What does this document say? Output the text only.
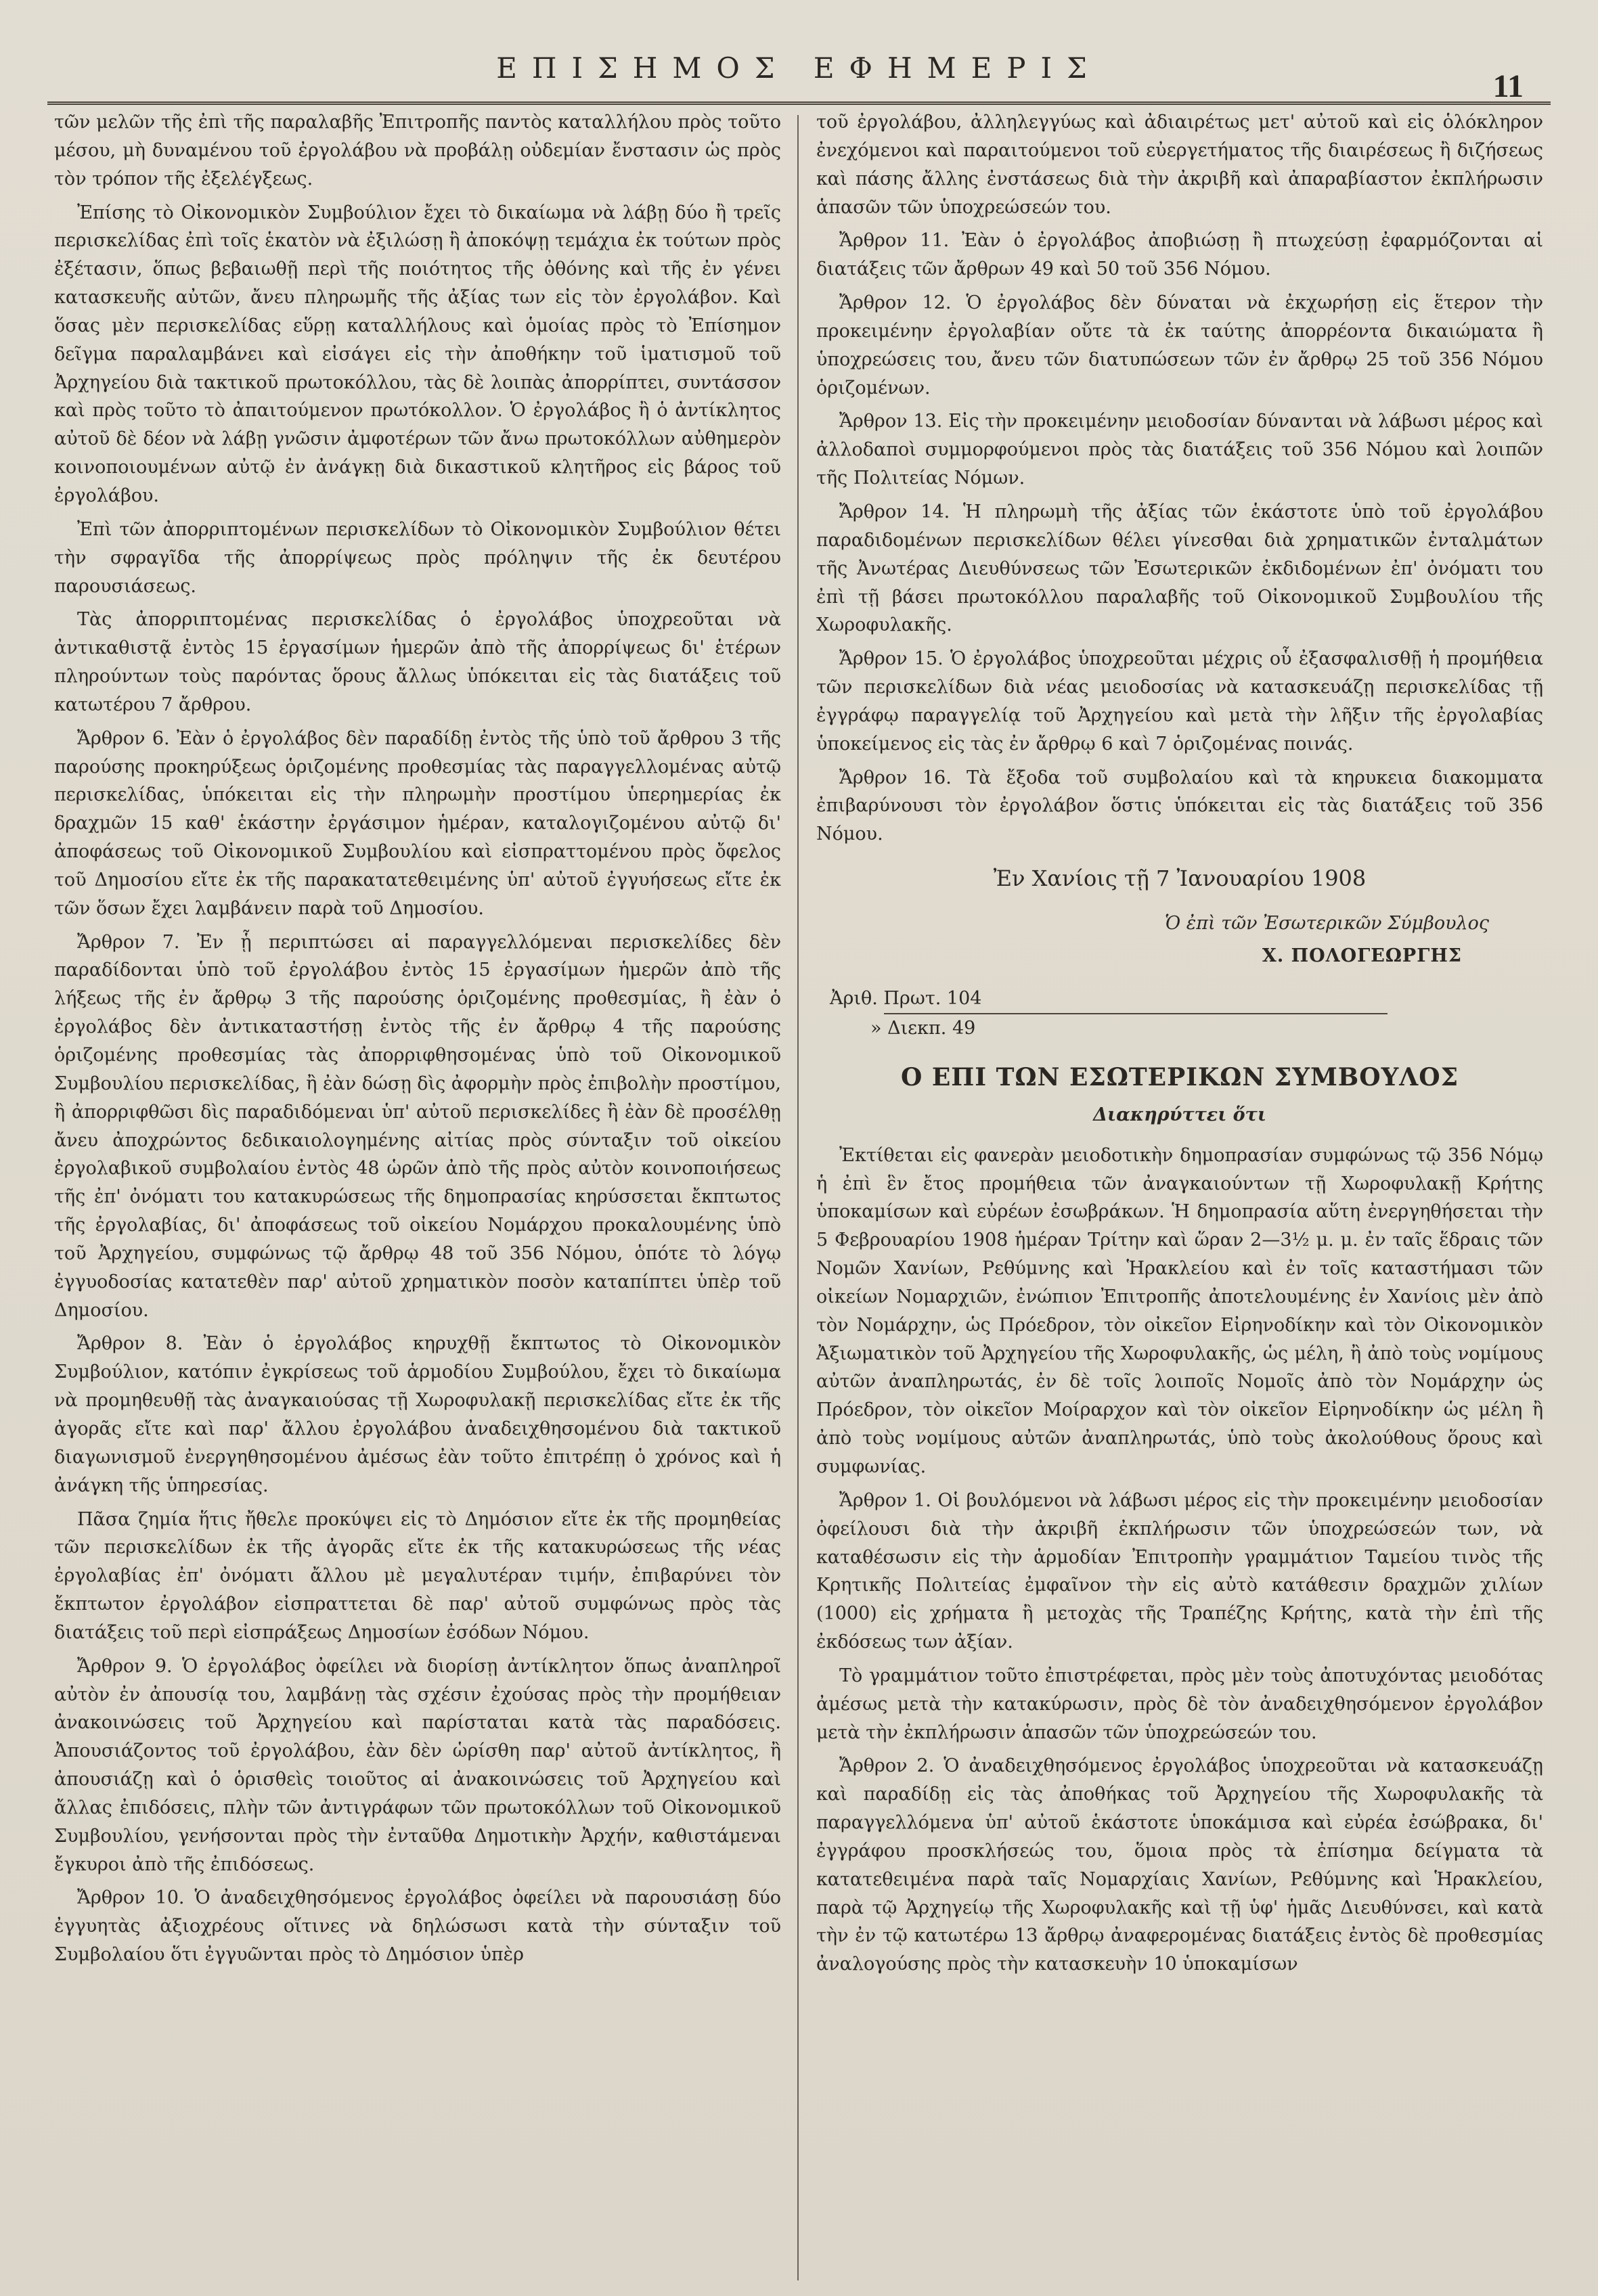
ΕΠΙΣΗΜΟΣ ΕΦΗΜΕΡΙΣ
11

τῶν μελῶν τῆς ἐπὶ τῆς παραλαβῆς Ἐπιτροπῆς παντὸς καταλλήλου πρὸς τοῦτο μέσου, μὴ δυναμένου τοῦ ἐργολάβου νὰ προβάλῃ οὐδεμίαν ἔνστασιν ὡς πρὸς τὸν τρόπον τῆς ἐξελέγξεως.

Ἐπίσης τὸ Οἰκονομικὸν Συμβούλιον ἔχει τὸ δικαίωμα νὰ λάβῃ δύο ἢ τρεῖς περισκελίδας ἐπὶ τοῖς ἑκατὸν νὰ ἐξιλώσῃ ἢ ἀποκόψῃ τεμάχια ἐκ τούτων πρὸς ἐξέτασιν, ὅπως βεβαιωθῇ περὶ τῆς ποιότητος τῆς ὀθόνης καὶ τῆς ἐν γένει κατασκευῆς αὐτῶν, ἄνευ πληρωμῆς τῆς ἀξίας των εἰς τὸν ἐργολάβον. Καὶ ὅσας μὲν περισκελίδας εὕρῃ καταλλήλους καὶ ὁμοίας πρὸς τὸ Ἐπίσημον δεῖγμα παραλαμβάνει καὶ εἰσάγει εἰς τὴν ἀποθήκην τοῦ ἱματισμοῦ τοῦ Ἀρχηγείου διὰ τακτικοῦ πρωτοκόλλου, τὰς δὲ λοιπὰς ἀπορρίπτει, συντάσσον καὶ πρὸς τοῦτο τὸ ἀπαιτούμενον πρωτόκολλον. Ὁ ἐργολάβος ἢ ὁ ἀντίκλητος αὐτοῦ δὲ δέον νὰ λάβῃ γνῶσιν ἀμφοτέρων τῶν ἄνω πρωτοκόλλων αὐθημερὸν κοινοποιουμένων αὐτῷ ἐν ἀνάγκῃ διὰ δικαστικοῦ κλητῆρος εἰς βάρος τοῦ ἐργολάβου.

Ἐπὶ τῶν ἀπορριπτομένων περισκελίδων τὸ Οἰκονομικὸν Συμβούλιον θέτει τὴν σφραγῖδα τῆς ἀπορρίψεως πρὸς πρόληψιν τῆς ἐκ δευτέρου παρουσιάσεως.

Τὰς ἀπορριπτομένας περισκελίδας ὁ ἐργολάβος ὑποχρεοῦται νὰ ἀντικαθιστᾷ ἐντὸς 15 ἐργασίμων ἡμερῶν ἀπὸ τῆς ἀπορρίψεως δι' ἑτέρων πληρούντων τοὺς παρόντας ὅρους ἄλλως ὑπόκειται εἰς τὰς διατάξεις τοῦ κατωτέρου 7 ἄρθρου.

Ἄρθρον 6. Ἐὰν ὁ ἐργολάβος δὲν παραδίδῃ ἐντὸς τῆς ὑπὸ τοῦ ἄρθρου 3 τῆς παρούσης προκηρύξεως ὁριζομένης προθεσμίας τὰς παραγγελλομένας αὐτῷ περισκελίδας, ὑπόκειται εἰς τὴν πληρωμὴν προστίμου ὑπερημερίας ἐκ δραχμῶν 15 καθ' ἑκάστην ἐργάσιμον ἡμέραν, καταλογιζομένου αὐτῷ δι' ἀποφάσεως τοῦ Οἰκονομικοῦ Συμβουλίου καὶ εἰσπραττομένου πρὸς ὄφελος τοῦ Δημοσίου εἴτε ἐκ τῆς παρακατατεθειμένης ὑπ' αὐτοῦ ἐγγυήσεως εἴτε ἐκ τῶν ὅσων ἔχει λαμβάνειν παρὰ τοῦ Δημοσίου.

Ἄρθρον 7. Ἐν ᾗ περιπτώσει αἱ παραγγελλόμεναι περισκελίδες δὲν παραδίδονται ὑπὸ τοῦ ἐργολάβου ἐντὸς 15 ἐργασίμων ἡμερῶν ἀπὸ τῆς λήξεως τῆς ἐν ἄρθρῳ 3 τῆς παρούσης ὁριζομένης προθεσμίας, ἢ ἐὰν ὁ ἐργολάβος δὲν ἀντικαταστήσῃ ἐντὸς τῆς ἐν ἄρθρῳ 4 τῆς παρούσης ὁριζομένης προθεσμίας τὰς ἀπορριφθησομένας ὑπὸ τοῦ Οἰκονομικοῦ Συμβουλίου περισκελίδας, ἢ ἐὰν δώσῃ δὶς ἀφορμὴν πρὸς ἐπιβολὴν προστίμου, ἢ ἀπορριφθῶσι δὶς παραδιδόμεναι ὑπ' αὐτοῦ περισκελίδες ἢ ἐὰν δὲ προσέλθῃ ἄνευ ἀποχρώντος δεδικαιολογημένης αἰτίας πρὸς σύνταξιν τοῦ οἰκείου ἐργολαβικοῦ συμβολαίου ἐντὸς 48 ὡρῶν ἀπὸ τῆς πρὸς αὐτὸν κοινοποιήσεως τῆς ἐπ' ὀνόματι του κατακυρώσεως τῆς δημοπρασίας κηρύσσεται ἔκπτωτος τῆς ἐργολαβίας, δι' ἀποφάσεως τοῦ οἰκείου Νομάρχου προκαλουμένης ὑπὸ τοῦ Ἀρχηγείου, συμφώνως τῷ ἄρθρῳ 48 τοῦ 356 Νόμου, ὁπότε τὸ λόγῳ ἐγγυοδοσίας κατατεθὲν παρ' αὐτοῦ χρηματικὸν ποσὸν καταπίπτει ὑπὲρ τοῦ Δημοσίου.

Ἄρθρον 8. Ἐὰν ὁ ἐργολάβος κηρυχθῇ ἔκπτωτος τὸ Οἰκονομικὸν Συμβούλιον, κατόπιν ἐγκρίσεως τοῦ ἁρμοδίου Συμβούλου, ἔχει τὸ δικαίωμα νὰ προμηθευθῇ τὰς ἀναγκαιούσας τῇ Χωροφυλακῇ περισκελίδας εἴτε ἐκ τῆς ἀγορᾶς εἴτε καὶ παρ' ἄλλου ἐργολάβου ἀναδειχθησομένου διὰ τακτικοῦ διαγωνισμοῦ ἐνεργηθησομένου ἀμέσως ἐὰν τοῦτο ἐπιτρέπῃ ὁ χρόνος καὶ ἡ ἀνάγκη τῆς ὑπηρεσίας.

Πᾶσα ζημία ἥτις ἤθελε προκύψει εἰς τὸ Δημόσιον εἴτε ἐκ τῆς προμηθείας τῶν περισκελίδων ἐκ τῆς ἀγορᾶς εἴτε ἐκ τῆς κατακυρώσεως τῆς νέας ἐργολαβίας ἐπ' ὀνόματι ἄλλου μὲ μεγαλυτέραν τιμήν, ἐπιβαρύνει τὸν ἔκπτωτον ἐργολάβον εἰσπραττεται δὲ παρ' αὐτοῦ συμφώνως πρὸς τὰς διατάξεις τοῦ περὶ εἰσπράξεως Δημοσίων ἐσόδων Νόμου.

Ἄρθρον 9. Ὁ ἐργολάβος ὀφείλει νὰ διορίσῃ ἀντίκλητον ὅπως ἀναπληροῖ αὐτὸν ἐν ἀπουσίᾳ του, λαμβάνῃ τὰς σχέσιν ἐχούσας πρὸς τὴν προμήθειαν ἀνακοινώσεις τοῦ Ἀρχηγείου καὶ παρίσταται κατὰ τὰς παραδόσεις. Ἀπουσιάζοντος τοῦ ἐργολάβου, ἐὰν δὲν ὡρίσθη παρ' αὐτοῦ ἀντίκλητος, ἢ ἀπουσιάζῃ καὶ ὁ ὁρισθεὶς τοιοῦτος αἱ ἀνακοινώσεις τοῦ Ἀρχηγείου καὶ ἄλλας ἐπιδόσεις, πλὴν τῶν ἀντιγράφων τῶν πρωτοκόλλων τοῦ Οἰκονομικοῦ Συμβουλίου, γενήσονται πρὸς τὴν ἐνταῦθα Δημοτικὴν Ἀρχήν, καθιστάμεναι ἔγκυροι ἀπὸ τῆς ἐπιδόσεως.

Ἄρθρον 10. Ὁ ἀναδειχθησόμενος ἐργολάβος ὀφείλει νὰ παρουσιάσῃ δύο ἐγγυητὰς ἀξιοχρέους οἵτινες νὰ δηλώσωσι κατὰ τὴν σύνταξιν τοῦ Συμβολαίου ὅτι ἐγγυῶνται πρὸς τὸ Δημόσιον ὑπὲρ

τοῦ ἐργολάβου, ἀλληλεγγύως καὶ ἀδιαιρέτως μετ' αὐτοῦ καὶ εἰς ὁλόκληρον ἐνεχόμενοι καὶ παραιτούμενοι τοῦ εὐεργετήματος τῆς διαιρέσεως ἢ διζήσεως καὶ πάσης ἄλλης ἐνστάσεως διὰ τὴν ἀκριβῆ καὶ ἀπαραβίαστον ἐκπλήρωσιν ἁπασῶν τῶν ὑποχρεώσεών του.

Ἄρθρον 11. Ἐὰν ὁ ἐργολάβος ἀποβιώσῃ ἢ πτωχεύσῃ ἐφαρμόζονται αἱ διατάξεις τῶν ἄρθρων 49 καὶ 50 τοῦ 356 Νόμου.

Ἄρθρον 12. Ὁ ἐργολάβος δὲν δύναται νὰ ἐκχωρήσῃ εἰς ἕτερον τὴν προκειμένην ἐργολαβίαν οὔτε τὰ ἐκ ταύτης ἀπορρέοντα δικαιώματα ἢ ὑποχρεώσεις του, ἄνευ τῶν διατυπώσεων τῶν ἐν ἄρθρῳ 25 τοῦ 356 Νόμου ὁριζομένων.

Ἄρθρον 13. Εἰς τὴν προκειμένην μειοδοσίαν δύνανται νὰ λάβωσι μέρος καὶ ἀλλοδαποὶ συμμορφούμενοι πρὸς τὰς διατάξεις τοῦ 356 Νόμου καὶ λοιπῶν τῆς Πολιτείας Νόμων.

Ἄρθρον 14. Ἡ πληρωμὴ τῆς ἀξίας τῶν ἑκάστοτε ὑπὸ τοῦ ἐργολάβου παραδιδομένων περισκελίδων θέλει γίνεσθαι διὰ χρηματικῶν ἐνταλμάτων τῆς Ἀνωτέρας Διευθύνσεως τῶν Ἐσωτερικῶν ἐκδιδομένων ἐπ' ὀνόματι του ἐπὶ τῇ βάσει πρωτοκόλλου παραλαβῆς τοῦ Οἰκονομικοῦ Συμβουλίου τῆς Χωροφυλακῆς.

Ἄρθρον 15. Ὁ ἐργολάβος ὑποχρεοῦται μέχρις οὗ ἐξασφαλισθῇ ἡ προμήθεια τῶν περισκελίδων διὰ νέας μειοδοσίας νὰ κατασκευάζῃ περισκελίδας τῇ ἐγγράφῳ παραγγελίᾳ τοῦ Ἀρχηγείου καὶ μετὰ τὴν λῆξιν τῆς ἐργολαβίας ὑποκείμενος εἰς τὰς ἐν ἄρθρῳ 6 καὶ 7 ὁριζομένας ποινάς.

Ἄρθρον 16. Τὰ ἔξοδα τοῦ συμβολαίου καὶ τὰ κηρυκεια διακομματα ἐπιβαρύνουσι τὸν ἐργολάβον ὅστις ὑπόκειται εἰς τὰς διατάξεις τοῦ 356 Νόμου.

Ἐν Χανίοις τῇ 7 Ἰανουαρίου 1908

Ὁ ἐπὶ τῶν Ἐσωτερικῶν Σύμβουλος

Χ. ΠΟΛΟΓΕΩΡΓΗΣ

Ἀριθ. Πρωτ. 104

» Διεκπ. 49

Ο ΕΠΙ ΤΩΝ ΕΣΩΤΕΡΙΚΩΝ ΣΥΜΒΟΥΛΟΣ

Διακηρύττει ὅτι

Ἐκτίθεται εἰς φανερὰν μειοδοτικὴν δημοπρασίαν συμφώνως τῷ 356 Νόμῳ ἡ ἐπὶ ἓν ἔτος προμήθεια τῶν ἀναγκαιούντων τῇ Χωροφυλακῇ Κρήτης ὑποκαμίσων καὶ εὐρέων ἐσωβράκων. Ἡ δημοπρασία αὕτη ἐνεργηθήσεται τὴν 5 Φεβρουαρίου 1908 ἡμέραν Τρίτην καὶ ὥραν 2—3½ μ. μ. ἐν ταῖς ἕδραις τῶν Νομῶν Χανίων, Ρεθύμνης καὶ Ἡρακλείου καὶ ἐν τοῖς καταστήμασι τῶν οἰκείων Νομαρχιῶν, ἐνώπιον Ἐπιτροπῆς ἀποτελουμένης ἐν Χανίοις μὲν ἀπὸ τὸν Νομάρχην, ὡς Πρόεδρον, τὸν οἰκεῖον Εἰρηνοδίκην καὶ τὸν Οἰκονομικὸν Ἀξιωματικὸν τοῦ Ἀρχηγείου τῆς Χωροφυλακῆς, ὡς μέλη, ἢ ἀπὸ τοὺς νομίμους αὐτῶν ἀναπληρωτάς, ἐν δὲ τοῖς λοιποῖς Νομοῖς ἀπὸ τὸν Νομάρχην ὡς Πρόεδρον, τὸν οἰκεῖον Μοίραρχον καὶ τὸν οἰκεῖον Εἰρηνοδίκην ὡς μέλη ἢ ἀπὸ τοὺς νομίμους αὐτῶν ἀναπληρωτάς, ὑπὸ τοὺς ἀκολούθους ὅρους καὶ συμφωνίας.

Ἄρθρον 1. Οἱ βουλόμενοι νὰ λάβωσι μέρος εἰς τὴν προκειμένην μειοδοσίαν ὀφείλουσι διὰ τὴν ἀκριβῆ ἐκπλήρωσιν τῶν ὑποχρεώσεών των, νὰ καταθέσωσιν εἰς τὴν ἁρμοδίαν Ἐπιτροπὴν γραμμάτιον Ταμείου τινὸς τῆς Κρητικῆς Πολιτείας ἐμφαῖνον τὴν εἰς αὐτὸ κατάθεσιν δραχμῶν χιλίων (1000) εἰς χρήματα ἢ μετοχὰς τῆς Τραπέζης Κρήτης, κατὰ τὴν ἐπὶ τῆς ἐκδόσεως των ἀξίαν.

Τὸ γραμμάτιον τοῦτο ἐπιστρέφεται, πρὸς μὲν τοὺς ἀποτυχόντας μειοδότας ἀμέσως μετὰ τὴν κατακύρωσιν, πρὸς δὲ τὸν ἀναδειχθησόμενον ἐργολάβον μετὰ τὴν ἐκπλήρωσιν ἁπασῶν τῶν ὑποχρεώσεών του.

Ἄρθρον 2. Ὁ ἀναδειχθησόμενος ἐργολάβος ὑποχρεοῦται νὰ κατασκευάζῃ καὶ παραδίδῃ εἰς τὰς ἀποθήκας τοῦ Ἀρχηγείου τῆς Χωροφυλακῆς τὰ παραγγελλόμενα ὑπ' αὐτοῦ ἑκάστοτε ὑποκάμισα καὶ εὐρέα ἐσώβρακα, δι' ἐγγράφου προσκλήσεώς του, ὅμοια πρὸς τὰ ἐπίσημα δείγματα τὰ κατατεθειμένα παρὰ ταῖς Νομαρχίαις Χανίων, Ρεθύμνης καὶ Ἡρακλείου, παρὰ τῷ Ἀρχηγείῳ τῆς Χωροφυλακῆς καὶ τῇ ὑφ' ἡμᾶς Διευθύνσει, καὶ κατὰ τὴν ἐν τῷ κατωτέρω 13 ἄρθρῳ ἀναφερομένας διατάξεις ἐντὸς δὲ προθεσμίας ἀναλογούσης πρὸς τὴν κατασκευὴν 10 ὑποκαμίσων
